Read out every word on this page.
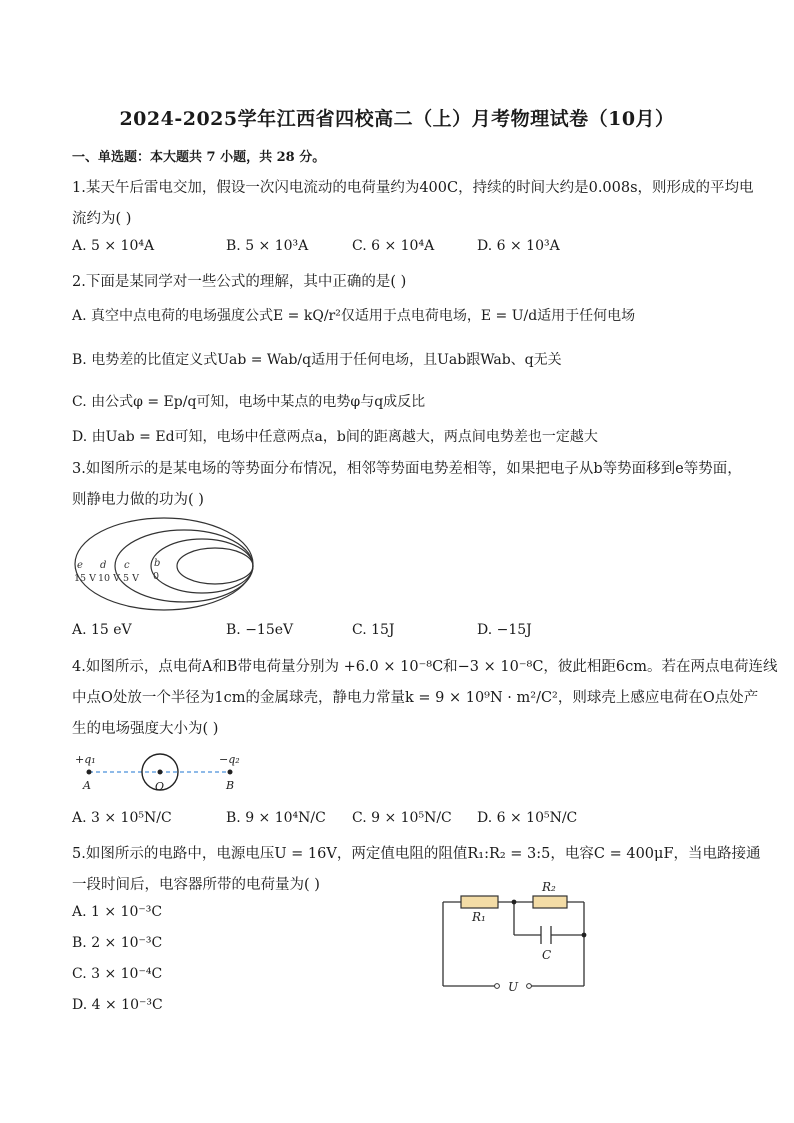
2024-2025学年江西省四校高二（上）月考物理试卷（10月）
一、单选题：本大题共 7 小题，共 28 分。
1.某天午后雷电交加，假设一次闪电流动的电荷量约为400C，持续的时间大约是0.008s，则形成的平均电
流约为( )
A. 5 × 10⁴A	B. 5 × 10³A	C. 6 × 10⁴A	D. 6 × 10³A
2.下面是某同学对一些公式的理解，其中正确的是( )
A. 真空中点电荷的电场强度公式E = kQ/r²仅适用于点电荷电场，E = U/d适用于任何电场
B. 电势差的比值定义式Uab = Wab/q适用于任何电场，且Uab跟Wab、q无关
C. 由公式φ = Ep/q可知，电场中某点的电势φ与q成反比
D. 由Uab = Ed可知，电场中任意两点a，b间的距离越大，两点间电势差也一定越大
3.如图所示的是某电场的等势面分布情况，相邻等势面电势差相等，如果把电子从b等势面移到e等势面，
则静电力做的功为( )
e d c b
15 V 10 V 5 V 0
A. 15 eV	B. −15eV	C. 15J	D. −15J
4.如图所示，点电荷A和B带电荷量分别为 +6.0 × 10⁻⁸C和−3 × 10⁻⁸C，彼此相距6cm。若在两点电荷连线
中点O处放一个半径为1cm的金属球壳，静电力常量k = 9 × 10⁹N · m²/C²，则球壳上感应电荷在O点处产
生的电场强度大小为( )
+q₁	−q₂
A	O	B
A. 3 × 10⁵N/C	B. 9 × 10⁴N/C C. 9 × 10⁵N/C D. 6 × 10⁵N/C
5.如图所示的电路中，电源电压U = 16V，两定值电阻的阻值R₁:R₂ = 3:5，电容C = 400μF，当电路接通
一段时间后，电容器所带的电荷量为( )
A. 1 × 10⁻³C
B. 2 × 10⁻³C
C. 3 × 10⁻⁴C
D. 4 × 10⁻³C
R₁
R₂
C
U
